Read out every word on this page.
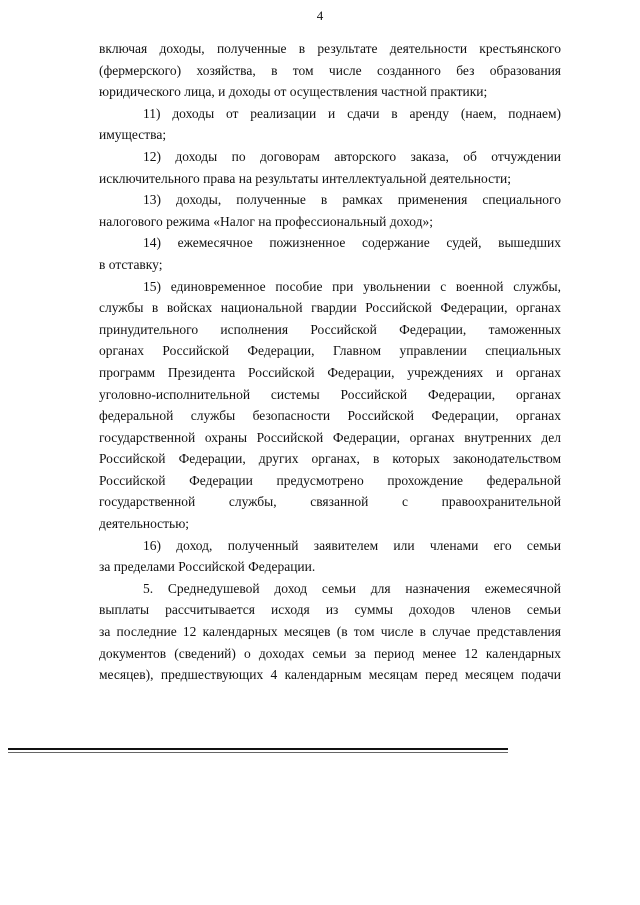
4
включая доходы, полученные в результате деятельности крестьянского
(фермерского) хозяйства, в том числе созданного без образования
юридического лица, и доходы от осуществления частной практики;
11) доходы от реализации и сдачи в аренду (наем, поднаем)
имущества;
12) доходы по договорам авторского заказа, об отчуждении
исключительного права на результаты интеллектуальной деятельности;
13) доходы, полученные в рамках применения специального
налогового режима «Налог на профессиональный доход»;
14) ежемесячное пожизненное содержание судей, вышедших
в отставку;
15) единовременное пособие при увольнении с военной службы,
службы в войсках национальной гвардии Российской Федерации, органах
принудительного исполнения Российской Федерации, таможенных
органах Российской Федерации, Главном управлении специальных
программ Президента Российской Федерации, учреждениях и органах
уголовно-исполнительной системы Российской Федерации, органах
федеральной службы безопасности Российской Федерации, органах
государственной охраны Российской Федерации, органах внутренних дел
Российской Федерации, других органах, в которых законодательством
Российской Федерации предусмотрено прохождение федеральной
государственной службы, связанной с правоохранительной
деятельностью;
16) доход, полученный заявителем или членами его семьи
за пределами Российской Федерации.
5. Среднедушевой доход семьи для назначения ежемесячной
выплаты рассчитывается исходя из суммы доходов членов семьи
за последние 12 календарных месяцев (в том числе в случае представления
документов (сведений) о доходах семьи за период менее 12 календарных
месяцев), предшествующих 4 календарным месяцам перед месяцем подачи
